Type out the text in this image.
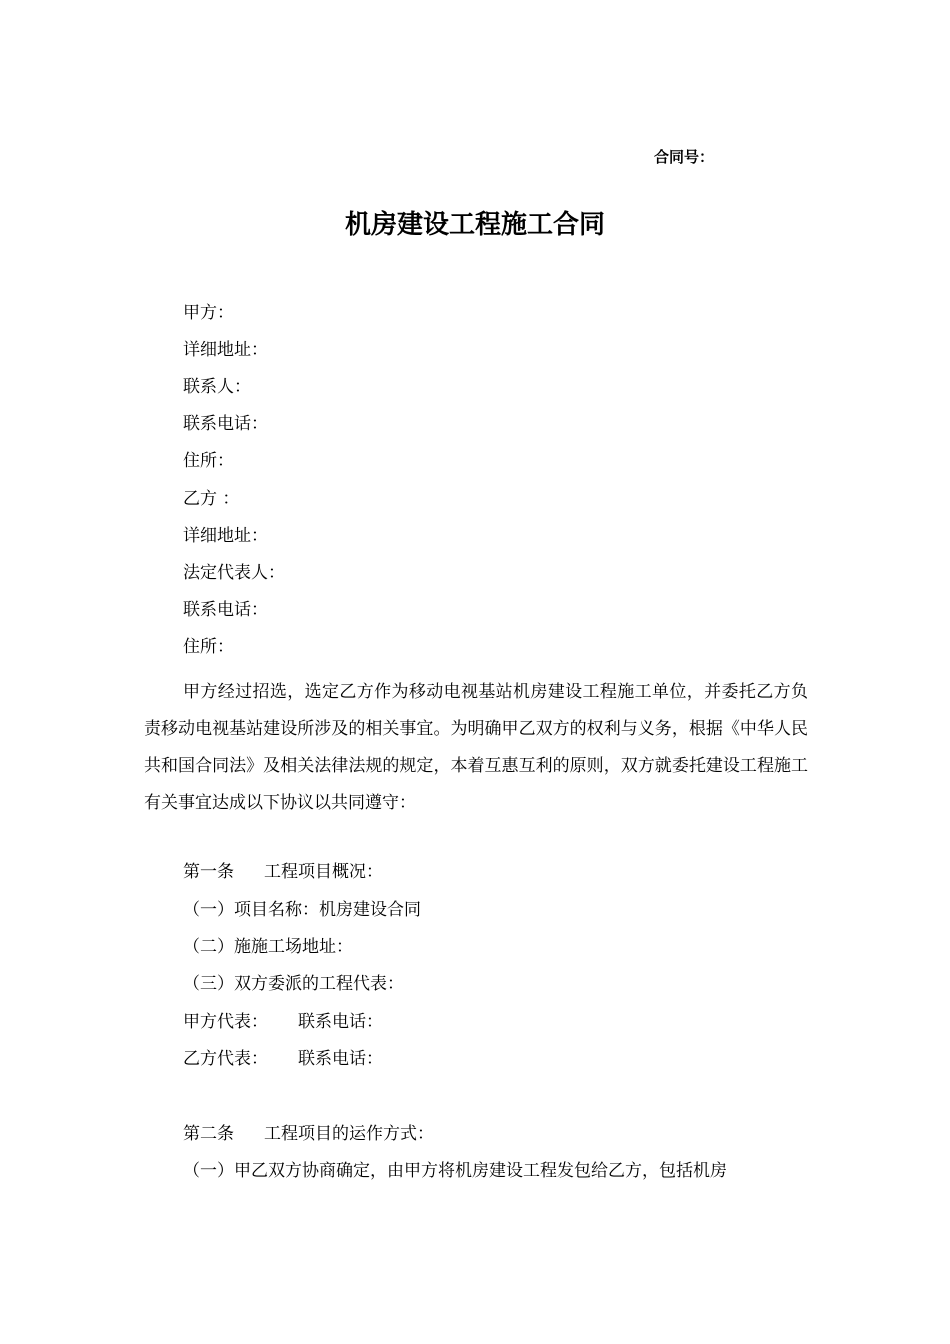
合同号：
机房建设工程施工合同
甲方：
详细地址：
联系人：
联系电话：
住所：
乙方 ：
详细地址：
法定代表人：
联系电话：
住所：
甲方经过招选，选定乙方作为移动电视基站机房建设工程施工单位，并委托乙方负责移动电视基站建设所涉及的相关事宜。为明确甲乙双方的权利与义务，根据《中华人民共和国合同法》及相关法律法规的规定，本着互惠互利的原则，双方就委托建设工程施工有关事宜达成以下协议以共同遵守：
第一条 工程项目概况：
（一）项目名称：机房建设合同
（二）施施工场地址：
（三）双方委派的工程代表：
甲方代表： 联系电话：
乙方代表： 联系电话：
第二条 工程项目的运作方式：
（一）甲乙双方协商确定，由甲方将机房建设工程发包给乙方，包括机房
